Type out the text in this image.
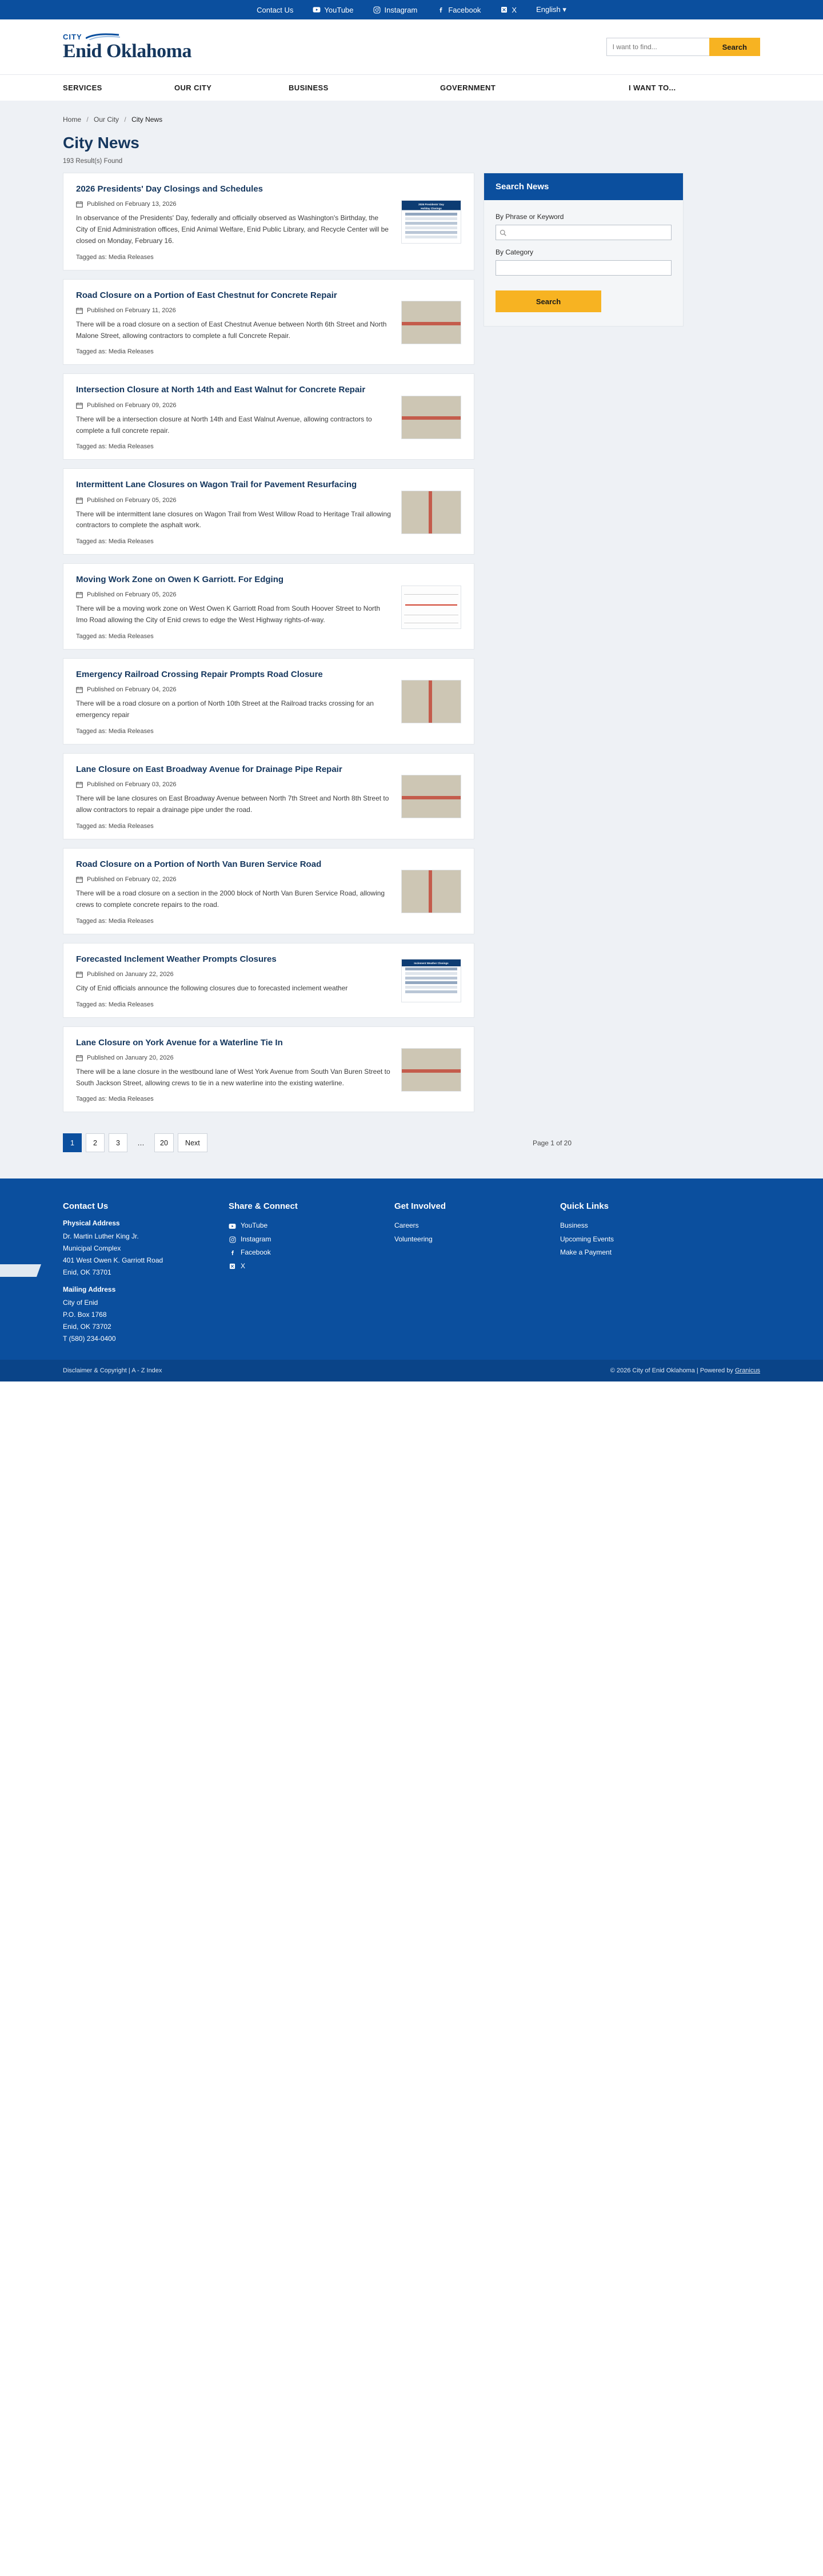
Contact Us	YouTube	Instagram	Facebook	X	English ▾
CITY
Enid Oklahoma
I want to find...	Search
SERVICES	OUR CITY	BUSINESS	GOVERNMENT	I WANT TO...
Home / Our City / City News
City News
193 Result(s) Found
2026 Presidents' Day Closings and Schedules
Published on February 13, 2026

In observance of the Presidents' Day, federally and officially observed as Washington's Birthday, the City of Enid Administration offices, Enid Animal Welfare, Enid Public Library, and Recycle Center will be closed on Monday, February 16.

Tagged as: Media Releases
2026 Presidents' Day
Holiday Closings
Road Closure on a Portion of East Chestnut for Concrete Repair
Published on February 11, 2026

There will be a road closure on a section of East Chestnut Avenue between North 6th Street and North Malone Street, allowing contractors to complete a full Concrete Repair.

Tagged as: Media Releases
Intersection Closure at North 14th and East Walnut for Concrete Repair
Published on February 09, 2026

There will be a intersection closure at North 14th and East Walnut Avenue, allowing contractors to complete a full concrete repair.

Tagged as: Media Releases
Intermittent Lane Closures on Wagon Trail for Pavement Resurfacing
Published on February 05, 2026

There will be intermittent lane closures on Wagon Trail from West Willow Road to Heritage Trail allowing contractors to complete the asphalt work.

Tagged as: Media Releases
Moving Work Zone on Owen K Garriott. For Edging
Published on February 05, 2026

There will be a moving work zone on West Owen K Garriott Road from South Hoover Street to North Imo Road allowing the City of Enid crews to edge the West Highway rights-of-way.

Tagged as: Media Releases
Emergency Railroad Crossing Repair Prompts Road Closure
Published on February 04, 2026

There will be a road closure on a portion of North 10th Street at the Railroad tracks crossing for an emergency repair

Tagged as: Media Releases
Lane Closure on East Broadway Avenue for Drainage Pipe Repair
Published on February 03, 2026

There will be lane closures on East Broadway Avenue between North 7th Street and North 8th Street to allow contractors to repair a drainage pipe under the road.

Tagged as: Media Releases
Road Closure on a Portion of North Van Buren Service Road
Published on February 02, 2026

There will be a road closure on a section in the 2000 block of North Van Buren Service Road, allowing crews to complete concrete repairs to the road.

Tagged as: Media Releases
Forecasted Inclement Weather Prompts Closures
Published on January 22, 2026

City of Enid officials announce the following closures due to forecasted inclement weather

Tagged as: Media Releases
Inclement Weather Closings
Lane Closure on York Avenue for a Waterline Tie In
Published on January 20, 2026

There will be a lane closure in the westbound lane of West York Avenue from South Van Buren Street to South Jackson Street, allowing crews to tie in a new waterline into the existing waterline.

Tagged as: Media Releases
Search News
By Phrase or Keyword
By Category
Search
1	2	3	…	20	Next	Page 1 of 20
Contact Us
Physical Address
Dr. Martin Luther King Jr.
Municipal Complex
401 West Owen K. Garriott Road
Enid, OK 73701
Mailing Address
City of Enid
P.O. Box 1768
Enid, OK 73702
T (580) 234-0400
Share & Connect
YouTube
Instagram
Facebook
X
Get Involved
Careers
Volunteering
Quick Links
Business
Upcoming Events
Make a Payment
Disclaimer & Copyright | A - Z Index	© 2026 City of Enid Oklahoma | Powered by Granicus
